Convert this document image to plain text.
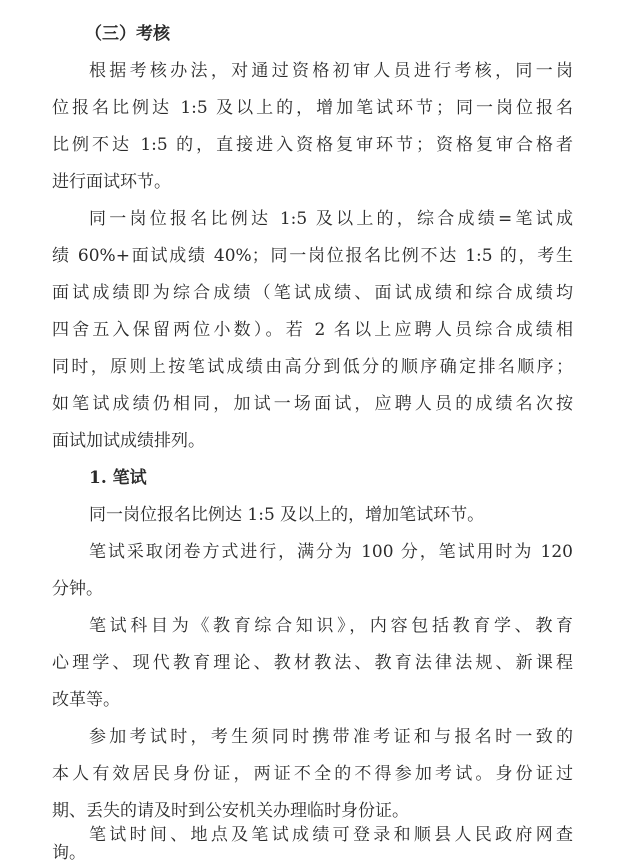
（三）考核
根据考核办法，对通过资格初审人员进行考核，同一岗
位报名比例达 1:5 及以上的，增加笔试环节；同一岗位报名
比例不达 1:5 的，直接进入资格复审环节；资格复审合格者
进行面试环节。
同一岗位报名比例达 1:5 及以上的，综合成绩=笔试成
绩 60%+面试成绩 40%；同一岗位报名比例不达 1:5 的，考生
面试成绩即为综合成绩（笔试成绩、面试成绩和综合成绩均
四舍五入保留两位小数）。若 2 名以上应聘人员综合成绩相
同时，原则上按笔试成绩由高分到低分的顺序确定排名顺序；
如笔试成绩仍相同，加试一场面试，应聘人员的成绩名次按
面试加试成绩排列。
1. 笔试
同一岗位报名比例达 1:5 及以上的，增加笔试环节。
笔试采取闭卷方式进行，满分为 100 分，笔试用时为 120
分钟。
笔试科目为《教育综合知识》，内容包括教育学、教育
心理学、现代教育理论、教材教法、教育法律法规、新课程
改革等。
参加考试时，考生须同时携带准考证和与报名时一致的
本人有效居民身份证，两证不全的不得参加考试。身份证过
期、丢失的请及时到公安机关办理临时身份证。
笔试时间、地点及笔试成绩可登录和顺县人民政府网查
询。
